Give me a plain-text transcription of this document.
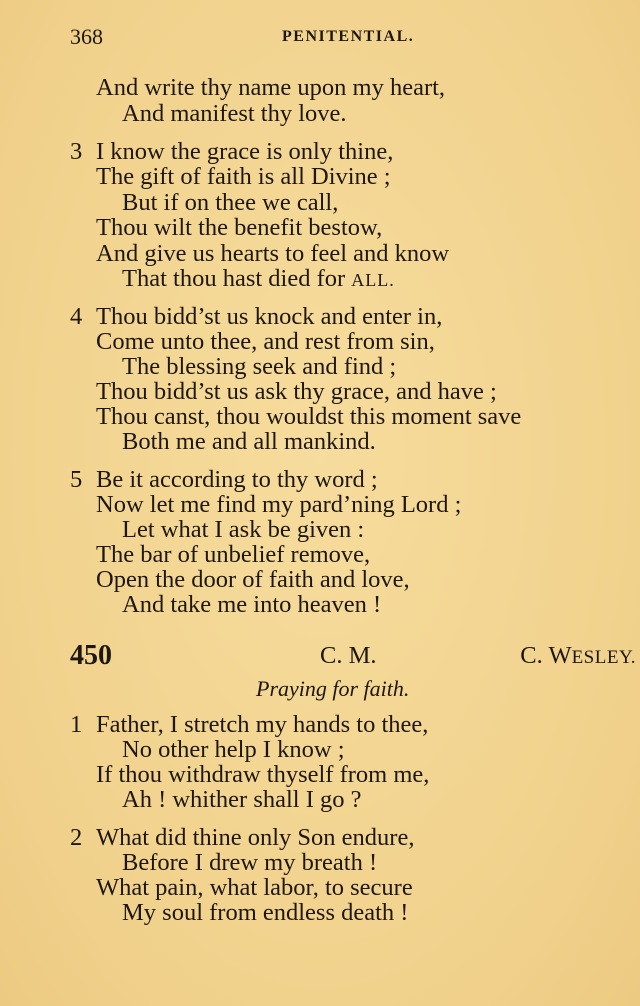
368	PENITENTIAL.
And write thy name upon my heart,
And manifest thy love.
3 I know the grace is only thine,
The gift of faith is all Divine ;
But if on thee we call,
Thou wilt the benefit bestow,
And give us hearts to feel and know
That thou hast died for ALL.
4 Thou bidd’st us knock and enter in,
Come unto thee, and rest from sin,
The blessing seek and find ;
Thou bidd’st us ask thy grace, and have ;
Thou canst, thou wouldst this moment save
Both me and all mankind.
5 Be it according to thy word ;
Now let me find my pard’ning Lord ;
Let what I ask be given :
The bar of unbelief remove,
Open the door of faith and love,
And take me into heaven !
450	C. M.	C. WESLEY.
Praying for faith.
1 Father, I stretch my hands to thee,
No other help I know ;
If thou withdraw thyself from me,
Ah ! whither shall I go ?
2 What did thine only Son endure,
Before I drew my breath !
What pain, what labor, to secure
My soul from endless death !
